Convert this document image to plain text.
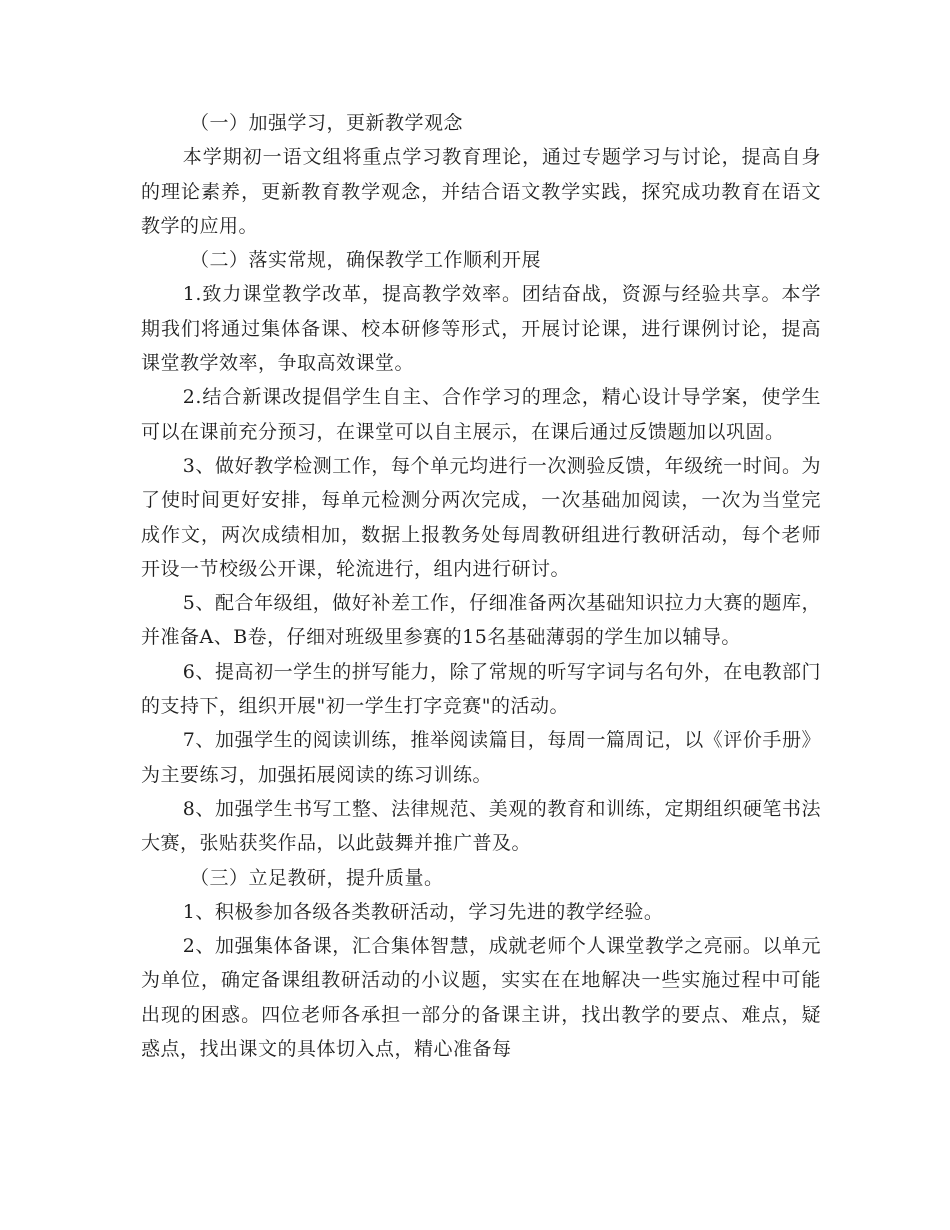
（一）加强学习，更新教学观念

本学期初一语文组将重点学习教育理论，通过专题学习与讨论，提高自身的理论素养，更新教育教学观念，并结合语文教学实践，探究成功教育在语文教学的应用。

（二）落实常规，确保教学工作顺利开展

1.致力课堂教学改革，提高教学效率。团结奋战，资源与经验共享。本学期我们将通过集体备课、校本研修等形式，开展讨论课，进行课例讨论，提高课堂教学效率，争取高效课堂。

2.结合新课改提倡学生自主、合作学习的理念，精心设计导学案，使学生可以在课前充分预习，在课堂可以自主展示，在课后通过反馈题加以巩固。

3、做好教学检测工作，每个单元均进行一次测验反馈，年级统一时间。为了使时间更好安排，每单元检测分两次完成，一次基础加阅读，一次为当堂完成作文，两次成绩相加，数据上报教务处每周教研组进行教研活动，每个老师开设一节校级公开课，轮流进行，组内进行研讨。

5、配合年级组，做好补差工作，仔细准备两次基础知识拉力大赛的题库，并准备A、B卷，仔细对班级里参赛的15名基础薄弱的学生加以辅导。

6、提高初一学生的拼写能力，除了常规的听写字词与名句外，在电教部门的支持下，组织开展"初一学生打字竞赛"的活动。

7、加强学生的阅读训练，推举阅读篇目，每周一篇周记，以《评价手册》为主要练习，加强拓展阅读的练习训练。

8、加强学生书写工整、法律规范、美观的教育和训练，定期组织硬笔书法大赛，张贴获奖作品，以此鼓舞并推广普及。

（三）立足教研，提升质量。

1、积极参加各级各类教研活动，学习先进的教学经验。

2、加强集体备课，汇合集体智慧，成就老师个人课堂教学之亮丽。以单元为单位，确定备课组教研活动的小议题，实实在在地解决一些实施过程中可能出现的困惑。四位老师各承担一部分的备课主讲，找出教学的要点、难点，疑惑点，找出课文的具体切入点，精心准备每
